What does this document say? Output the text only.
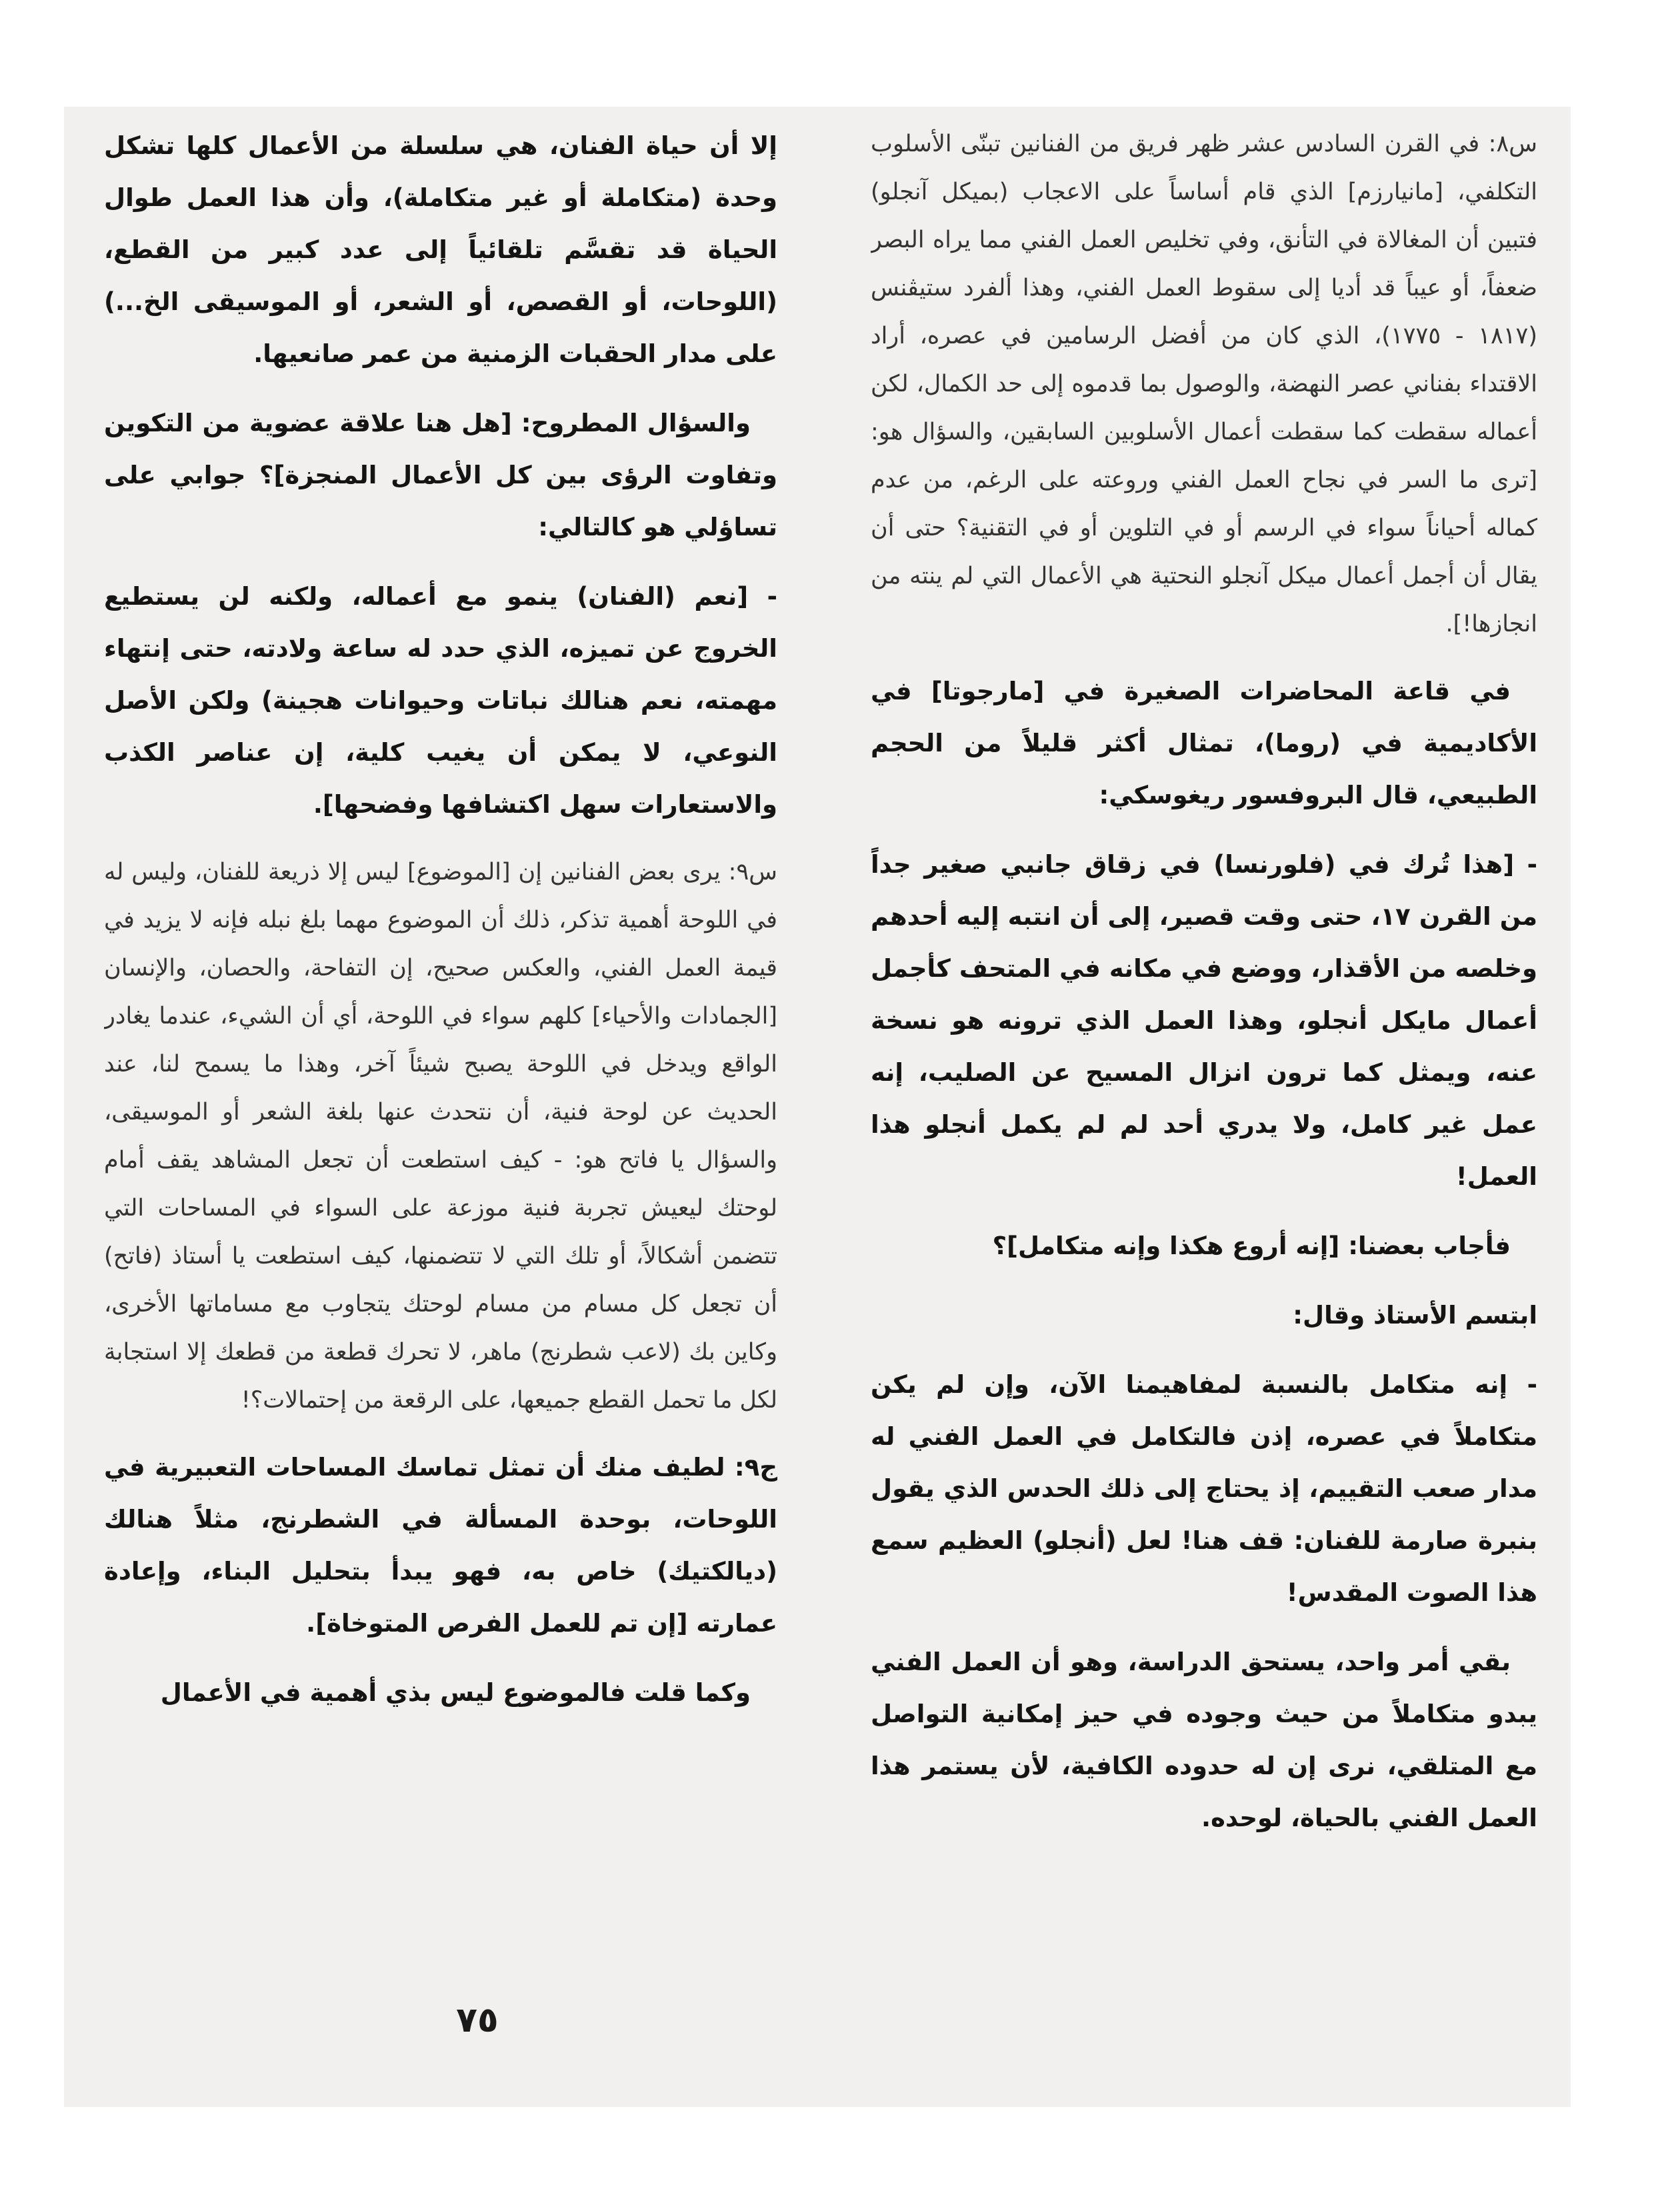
س٨: في القرن السادس عشر ظهر فريق من الفنانين تبنّى الأسلوب التكلفي، [مانيارزم] الذي قام أساساً على الاعجاب (بميكل آنجلو) فتبين أن المغالاة في التأنق، وفي تخليص العمل الفني مما يراه البصر ضعفاً، أو عيباً قد أديا إلى سقوط العمل الفني، وهذا ألفرد ستيڤنس (١٨١٧ - ١٧٧٥)، الذي كان من أفضل الرسامين في عصره، أراد الاقتداء بفناني عصر النهضة، والوصول بما قدموه إلى حد الكمال، لكن أعماله سقطت كما سقطت أعمال الأسلوبين السابقين، والسؤال هو: [ترى ما السر في نجاح العمل الفني وروعته على الرغم، من عدم كماله أحياناً سواء في الرسم أو في التلوين أو في التقنية؟ حتى أن يقال أن أجمل أعمال ميكل آنجلو النحتية هي الأعمال التي لم ينته من انجازها!].

في قاعة المحاضرات الصغيرة في [مارجوتا] في الأكاديمية في (روما)، تمثال أكثر قليلاً من الحجم الطبيعي، قال البروفسور ريغوسكي:

- [هذا تُرك في (فلورنسا) في زقاق جانبي صغير جداً من القرن ١٧، حتى وقت قصير، إلى أن انتبه إليه أحدهم وخلصه من الأقذار، ووضع في مكانه في المتحف كأجمل أعمال مايكل أنجلو، وهذا العمل الذي ترونه هو نسخة عنه، ويمثل كما ترون انزال المسيح عن الصليب، إنه عمل غير كامل، ولا يدري أحد لم لم يكمل أنجلو هذا العمل!

فأجاب بعضنا: [إنه أروع هكذا وإنه متكامل]؟

ابتسم الأستاذ وقال:

- إنه متكامل بالنسبة لمفاهيمنا الآن، وإن لم يكن متكاملاً في عصره، إذن فالتكامل في العمل الفني له مدار صعب التقييم، إذ يحتاج إلى ذلك الحدس الذي يقول بنبرة صارمة للفنان: قف هنا! لعل (أنجلو) العظيم سمع هذا الصوت المقدس!

بقي أمر واحد، يستحق الدراسة، وهو أن العمل الفني يبدو متكاملاً من حيث وجوده في حيز إمكانية التواصل مع المتلقي، نرى إن له حدوده الكافية، لأن يستمر هذا العمل الفني بالحياة، لوحده.

إلا أن حياة الفنان، هي سلسلة من الأعمال كلها تشكل وحدة (متكاملة أو غير متكاملة)، وأن هذا العمل طوال الحياة قد تقسَّم تلقائياً إلى عدد كبير من القطع، (اللوحات، أو القصص، أو الشعر، أو الموسيقى الخ...) على مدار الحقبات الزمنية من عمر صانعيها.

والسؤال المطروح: [هل هنا علاقة عضوية من التكوين وتفاوت الرؤى بين كل الأعمال المنجزة]؟ جوابي على تساؤلي هو كالتالي:

- [نعم (الفنان) ينمو مع أعماله، ولكنه لن يستطيع الخروج عن تميزه، الذي حدد له ساعة ولادته، حتى إنتهاء مهمته، نعم هنالك نباتات وحيوانات هجينة) ولكن الأصل النوعي، لا يمكن أن يغيب كلية، إن عناصر الكذب والاستعارات سهل اكتشافها وفضحها].

س٩: يرى بعض الفنانين إن [الموضوع] ليس إلا ذريعة للفنان، وليس له في اللوحة أهمية تذكر، ذلك أن الموضوع مهما بلغ نبله فإنه لا يزيد في قيمة العمل الفني، والعكس صحيح، إن التفاحة، والحصان، والإنسان [الجمادات والأحياء] كلهم سواء في اللوحة، أي أن الشيء، عندما يغادر الواقع ويدخل في اللوحة يصبح شيئاً آخر، وهذا ما يسمح لنا، عند الحديث عن لوحة فنية، أن نتحدث عنها بلغة الشعر أو الموسيقى، والسؤال يا فاتح هو: - كيف استطعت أن تجعل المشاهد يقف أمام لوحتك ليعيش تجربة فنية موزعة على السواء في المساحات التي تتضمن أشكالاً، أو تلك التي لا تتضمنها، كيف استطعت يا أستاذ (فاتح) أن تجعل كل مسام من مسام لوحتك يتجاوب مع مساماتها الأخرى، وكاين بك (لاعب شطرنج) ماهر، لا تحرك قطعة من قطعك إلا استجابة لكل ما تحمل القطع جميعها، على الرقعة من إحتمالات؟!

ج٩: لطيف منك أن تمثل تماسك المساحات التعبيرية في اللوحات، بوحدة المسألة في الشطرنج، مثلاً هنالك (ديالكتيك) خاص به، فهو يبدأ بتحليل البناء، وإعادة عمارته [إن تم للعمل الفرص المتوخاة].

وكما قلت فالموضوع ليس بذي أهمية في الأعمال

٧٥
